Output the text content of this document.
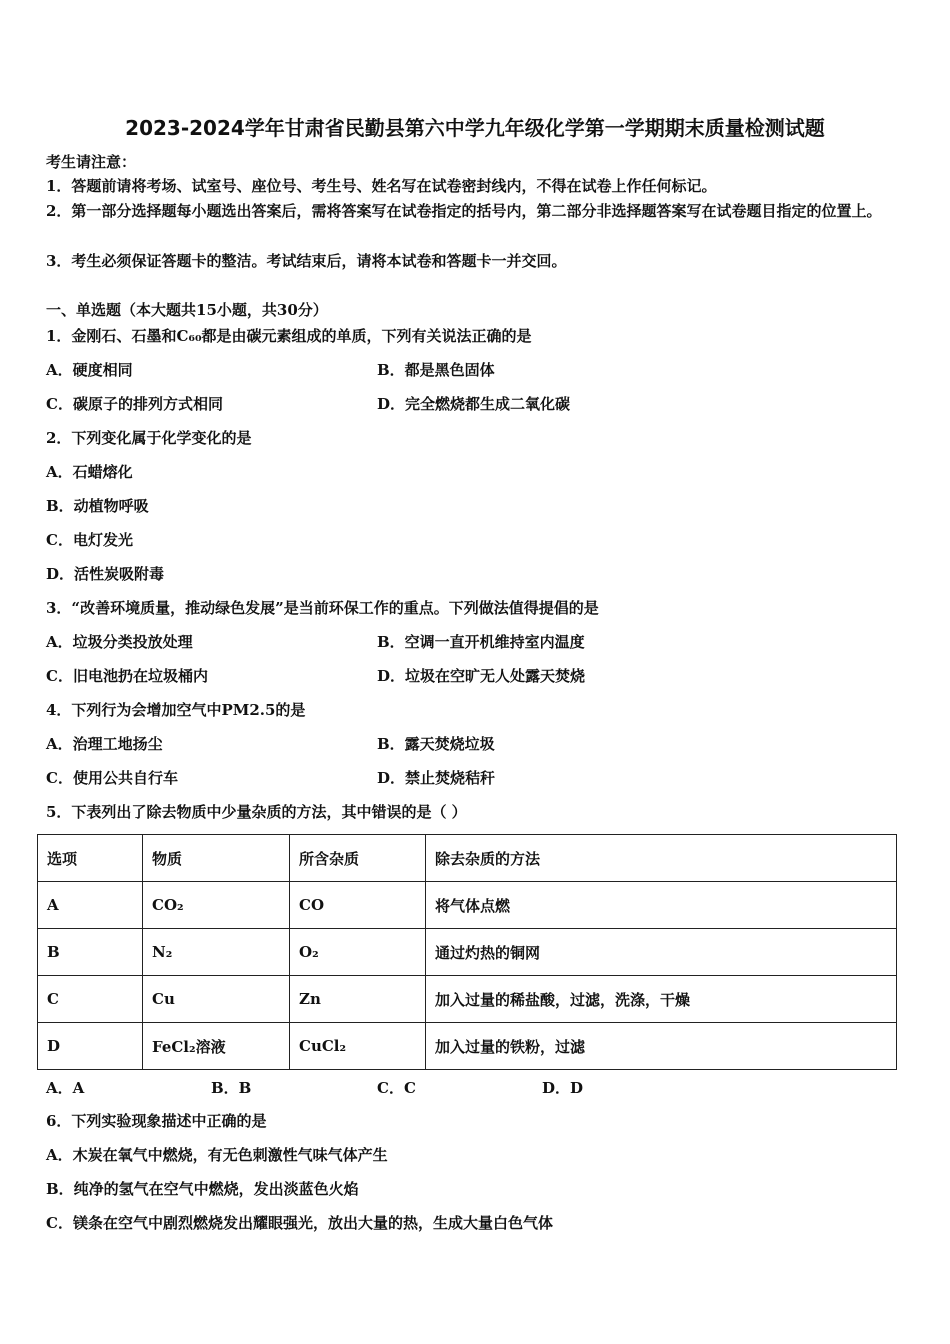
2023-2024学年甘肃省民勤县第六中学九年级化学第一学期期末质量检测试题
考生请注意：
1．答题前请将考场、试室号、座位号、考生号、姓名写在试卷密封线内，不得在试卷上作任何标记。
2．第一部分选择题每小题选出答案后，需将答案写在试卷指定的括号内，第二部分非选择题答案写在试卷题目指定的位置上。
3．考生必须保证答题卡的整洁。考试结束后，请将本试卷和答题卡一并交回。
一、单选题（本大题共15小题，共30分）
1．金刚石、石墨和C₆₀都是由碳元素组成的单质，下列有关说法正确的是
A．硬度相同	B．都是黑色固体
C．碳原子的排列方式相同	D．完全燃烧都生成二氧化碳
2．下列变化属于化学变化的是
A．石蜡熔化
B．动植物呼吸
C．电灯发光
D．活性炭吸附毒
3．“改善环境质量，推动绿色发展”是当前环保工作的重点。下列做法值得提倡的是
A．垃圾分类投放处理	B．空调一直开机维持室内温度
C．旧电池扔在垃圾桶内	D．垃圾在空旷无人处露天焚烧
4．下列行为会增加空气中PM2.5的是
A．治理工地扬尘	B．露天焚烧垃圾
C．使用公共自行车	D．禁止焚烧秸秆
5．下表列出了除去物质中少量杂质的方法，其中错误的是（ ）
选项	物质	所含杂质	除去杂质的方法
A	CO₂	CO	将气体点燃
B	N₂	O₂	通过灼热的铜网
C	Cu	Zn	加入过量的稀盐酸，过滤，洗涤，干燥
D	FeCl₂溶液	CuCl₂	加入过量的铁粉，过滤
A．A	B．B	C．C	D．D
6．下列实验现象描述中正确的是
A．木炭在氧气中燃烧，有无色刺激性气味气体产生
B．纯净的氢气在空气中燃烧，发出淡蓝色火焰
C．镁条在空气中剧烈燃烧发出耀眼强光，放出大量的热，生成大量白色气体
